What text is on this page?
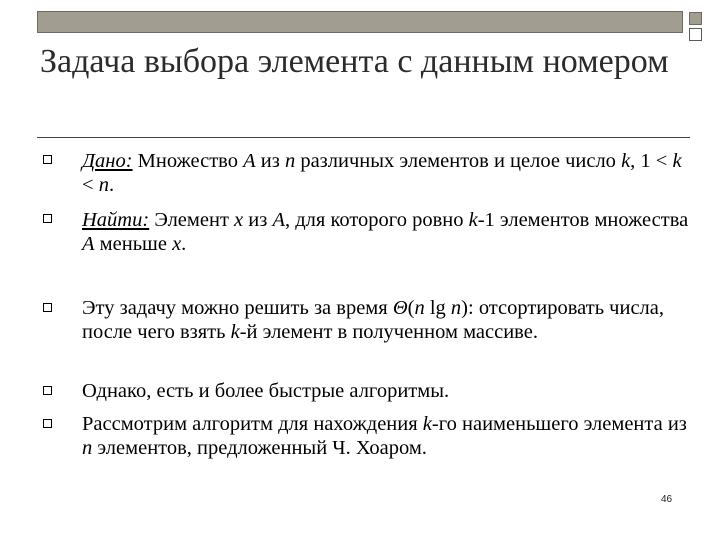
Задача выбора элемента с данным номером
Дано: Множество A из n различных элементов и целое число k, 1 < k < n.
Найти: Элемент x из A, для которого ровно k-1 элементов множества A меньше x.
Эту задачу можно решить за время Θ(n lg n): отсортировать числа, после чего взять k-й элемент в полученном массиве.
Однако, есть и более быстрые алгоритмы.
Рассмотрим алгоритм для нахождения k-го наименьшего элемента из n элементов, предложенный Ч. Хоаром.
46
